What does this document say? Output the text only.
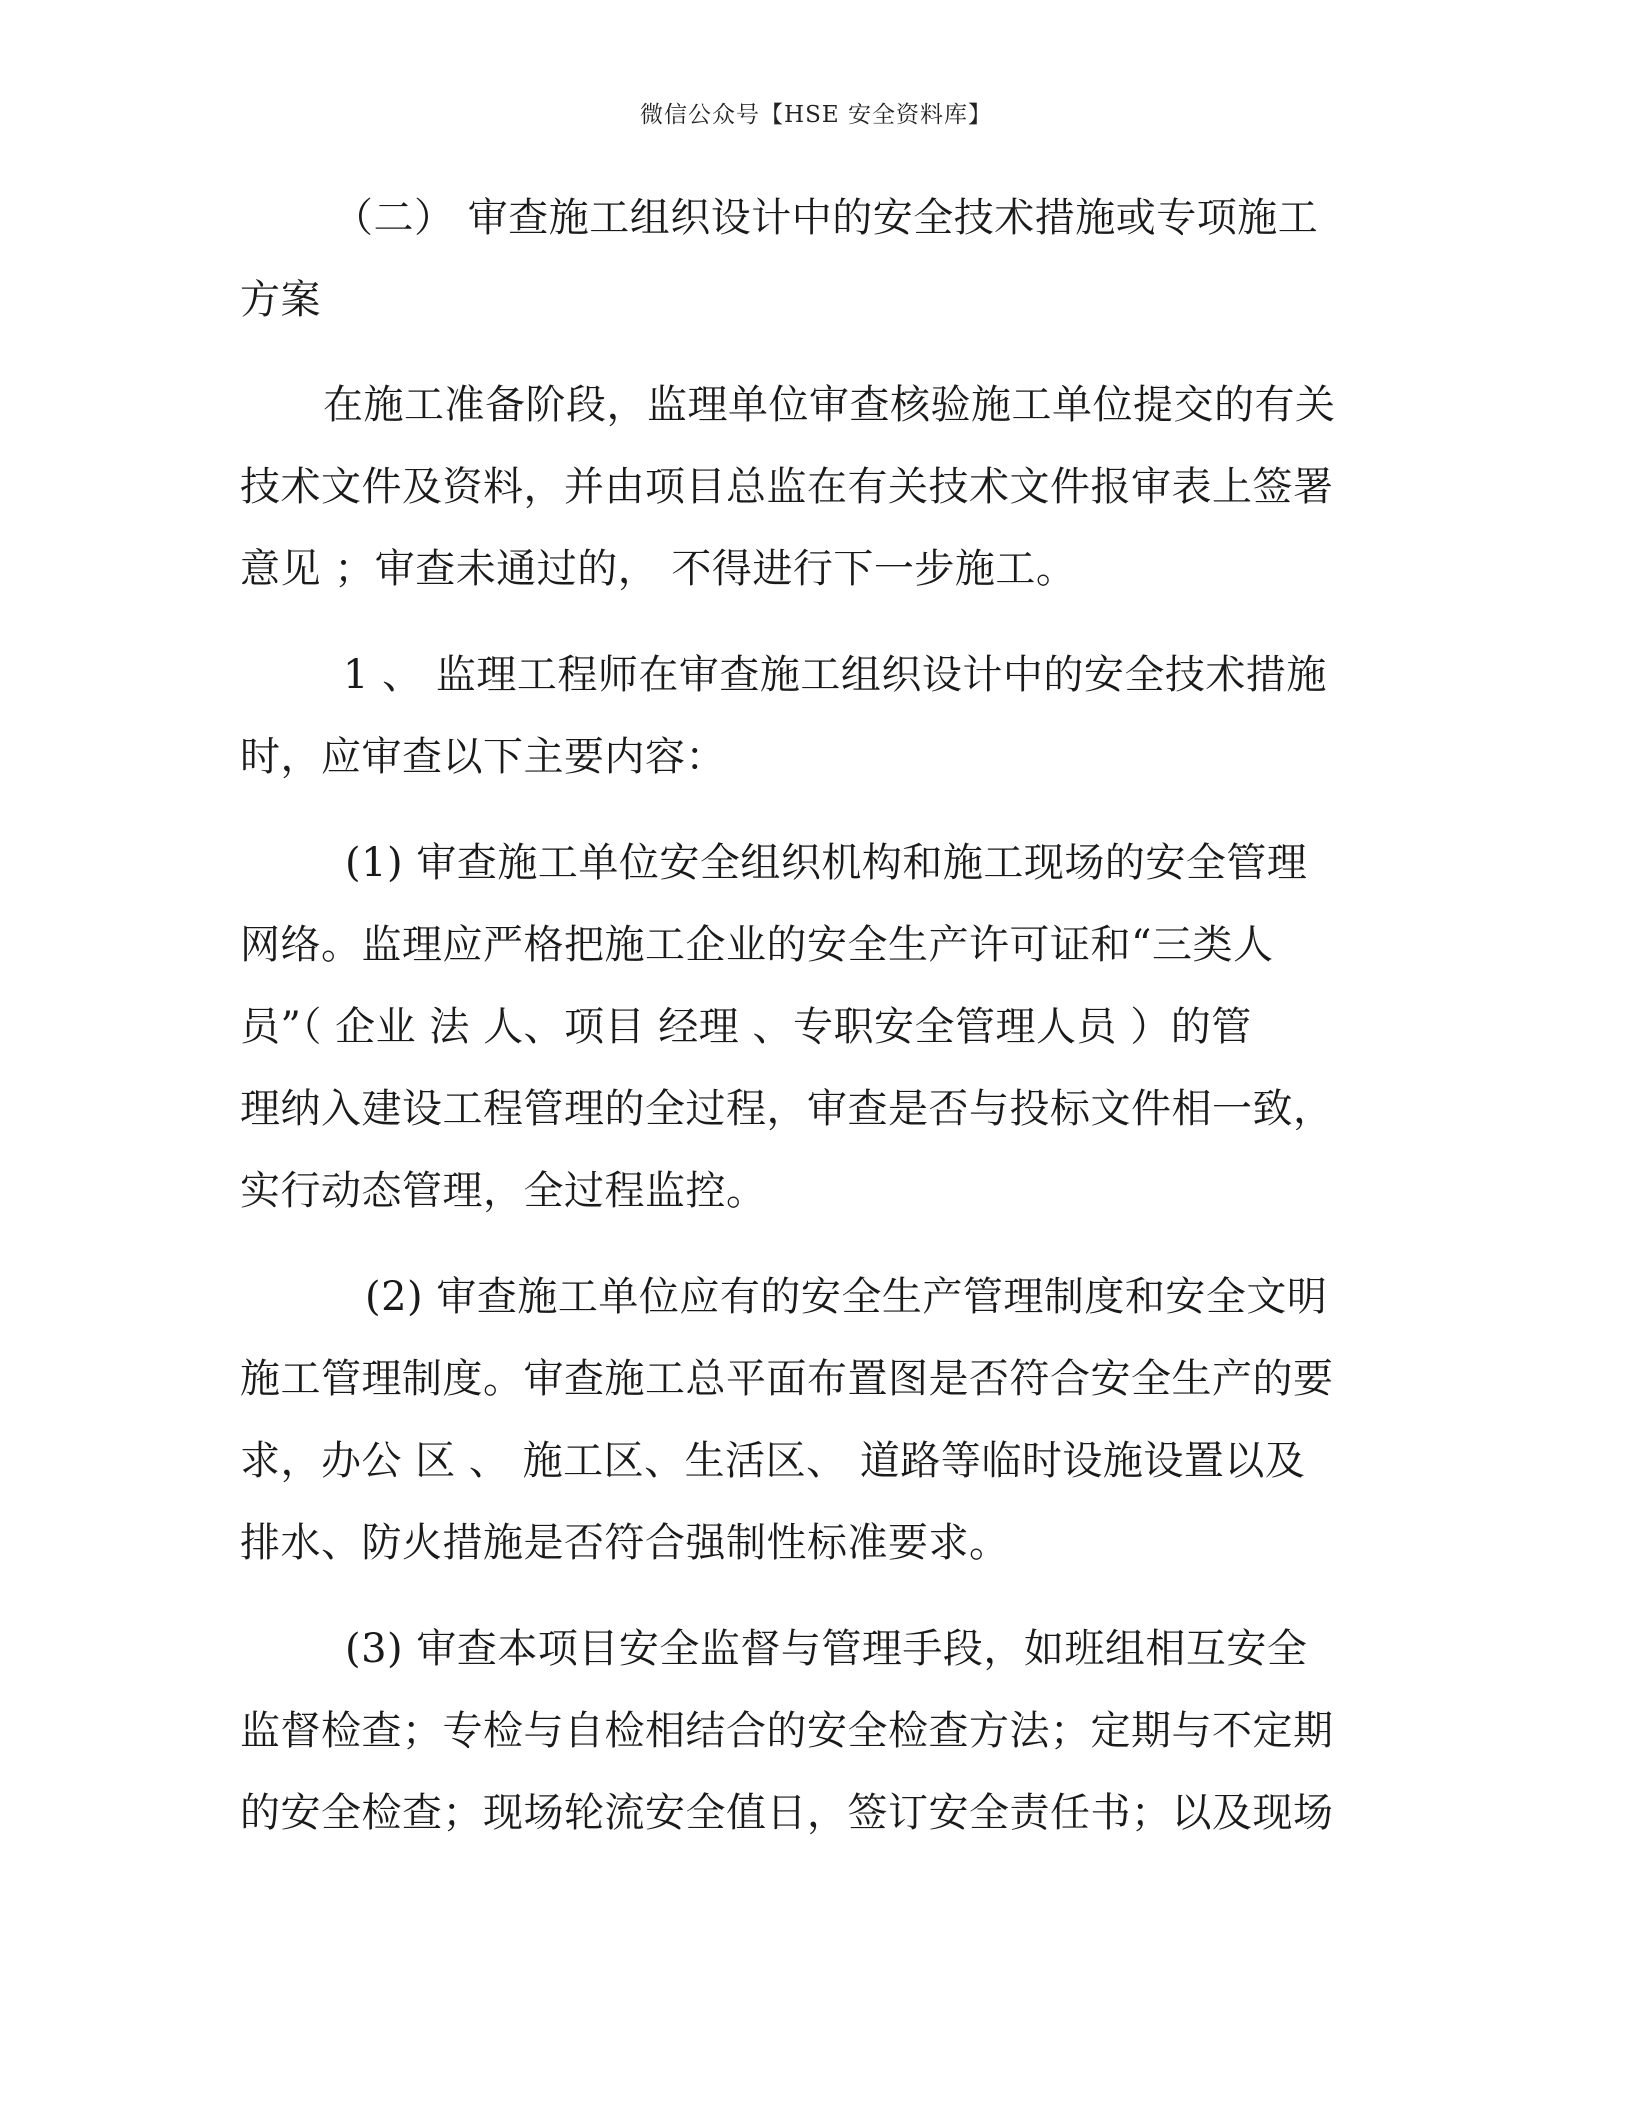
微信公众号【HSE 安全资料库】
（二） 审查施工组织设计中的安全技术措施或专项施工
方案
在施工准备阶段，监理单位审查核验施工单位提交的有关
技术文件及资料，并由项目总监在有关技术文件报审表上签署
意见 ；审查未通过的， 不得进行下一步施工。
1 、 监理工程师在审查施工组织设计中的安全技术措施
时，应审查以下主要内容：
(1) 审查施工单位安全组织机构和施工现场的安全管理
网络。监理应严格把施工企业的安全生产许可证和“三类人
员”（ 企业 法 人、项目 经理 、专职安全管理人员 ）的管
理纳入建设工程管理的全过程，审查是否与投标文件相一致，
实行动态管理，全过程监控。
(2) 审查施工单位应有的安全生产管理制度和安全文明
施工管理制度。审查施工总平面布置图是否符合安全生产的要
求，办公 区 、 施工区、生活区、 道路等临时设施设置以及
排水、防火措施是否符合强制性标准要求。
(3) 审查本项目安全监督与管理手段，如班组相互安全
监督检查；专检与自检相结合的安全检查方法；定期与不定期
的安全检查；现场轮流安全值日，签订安全责任书；以及现场
